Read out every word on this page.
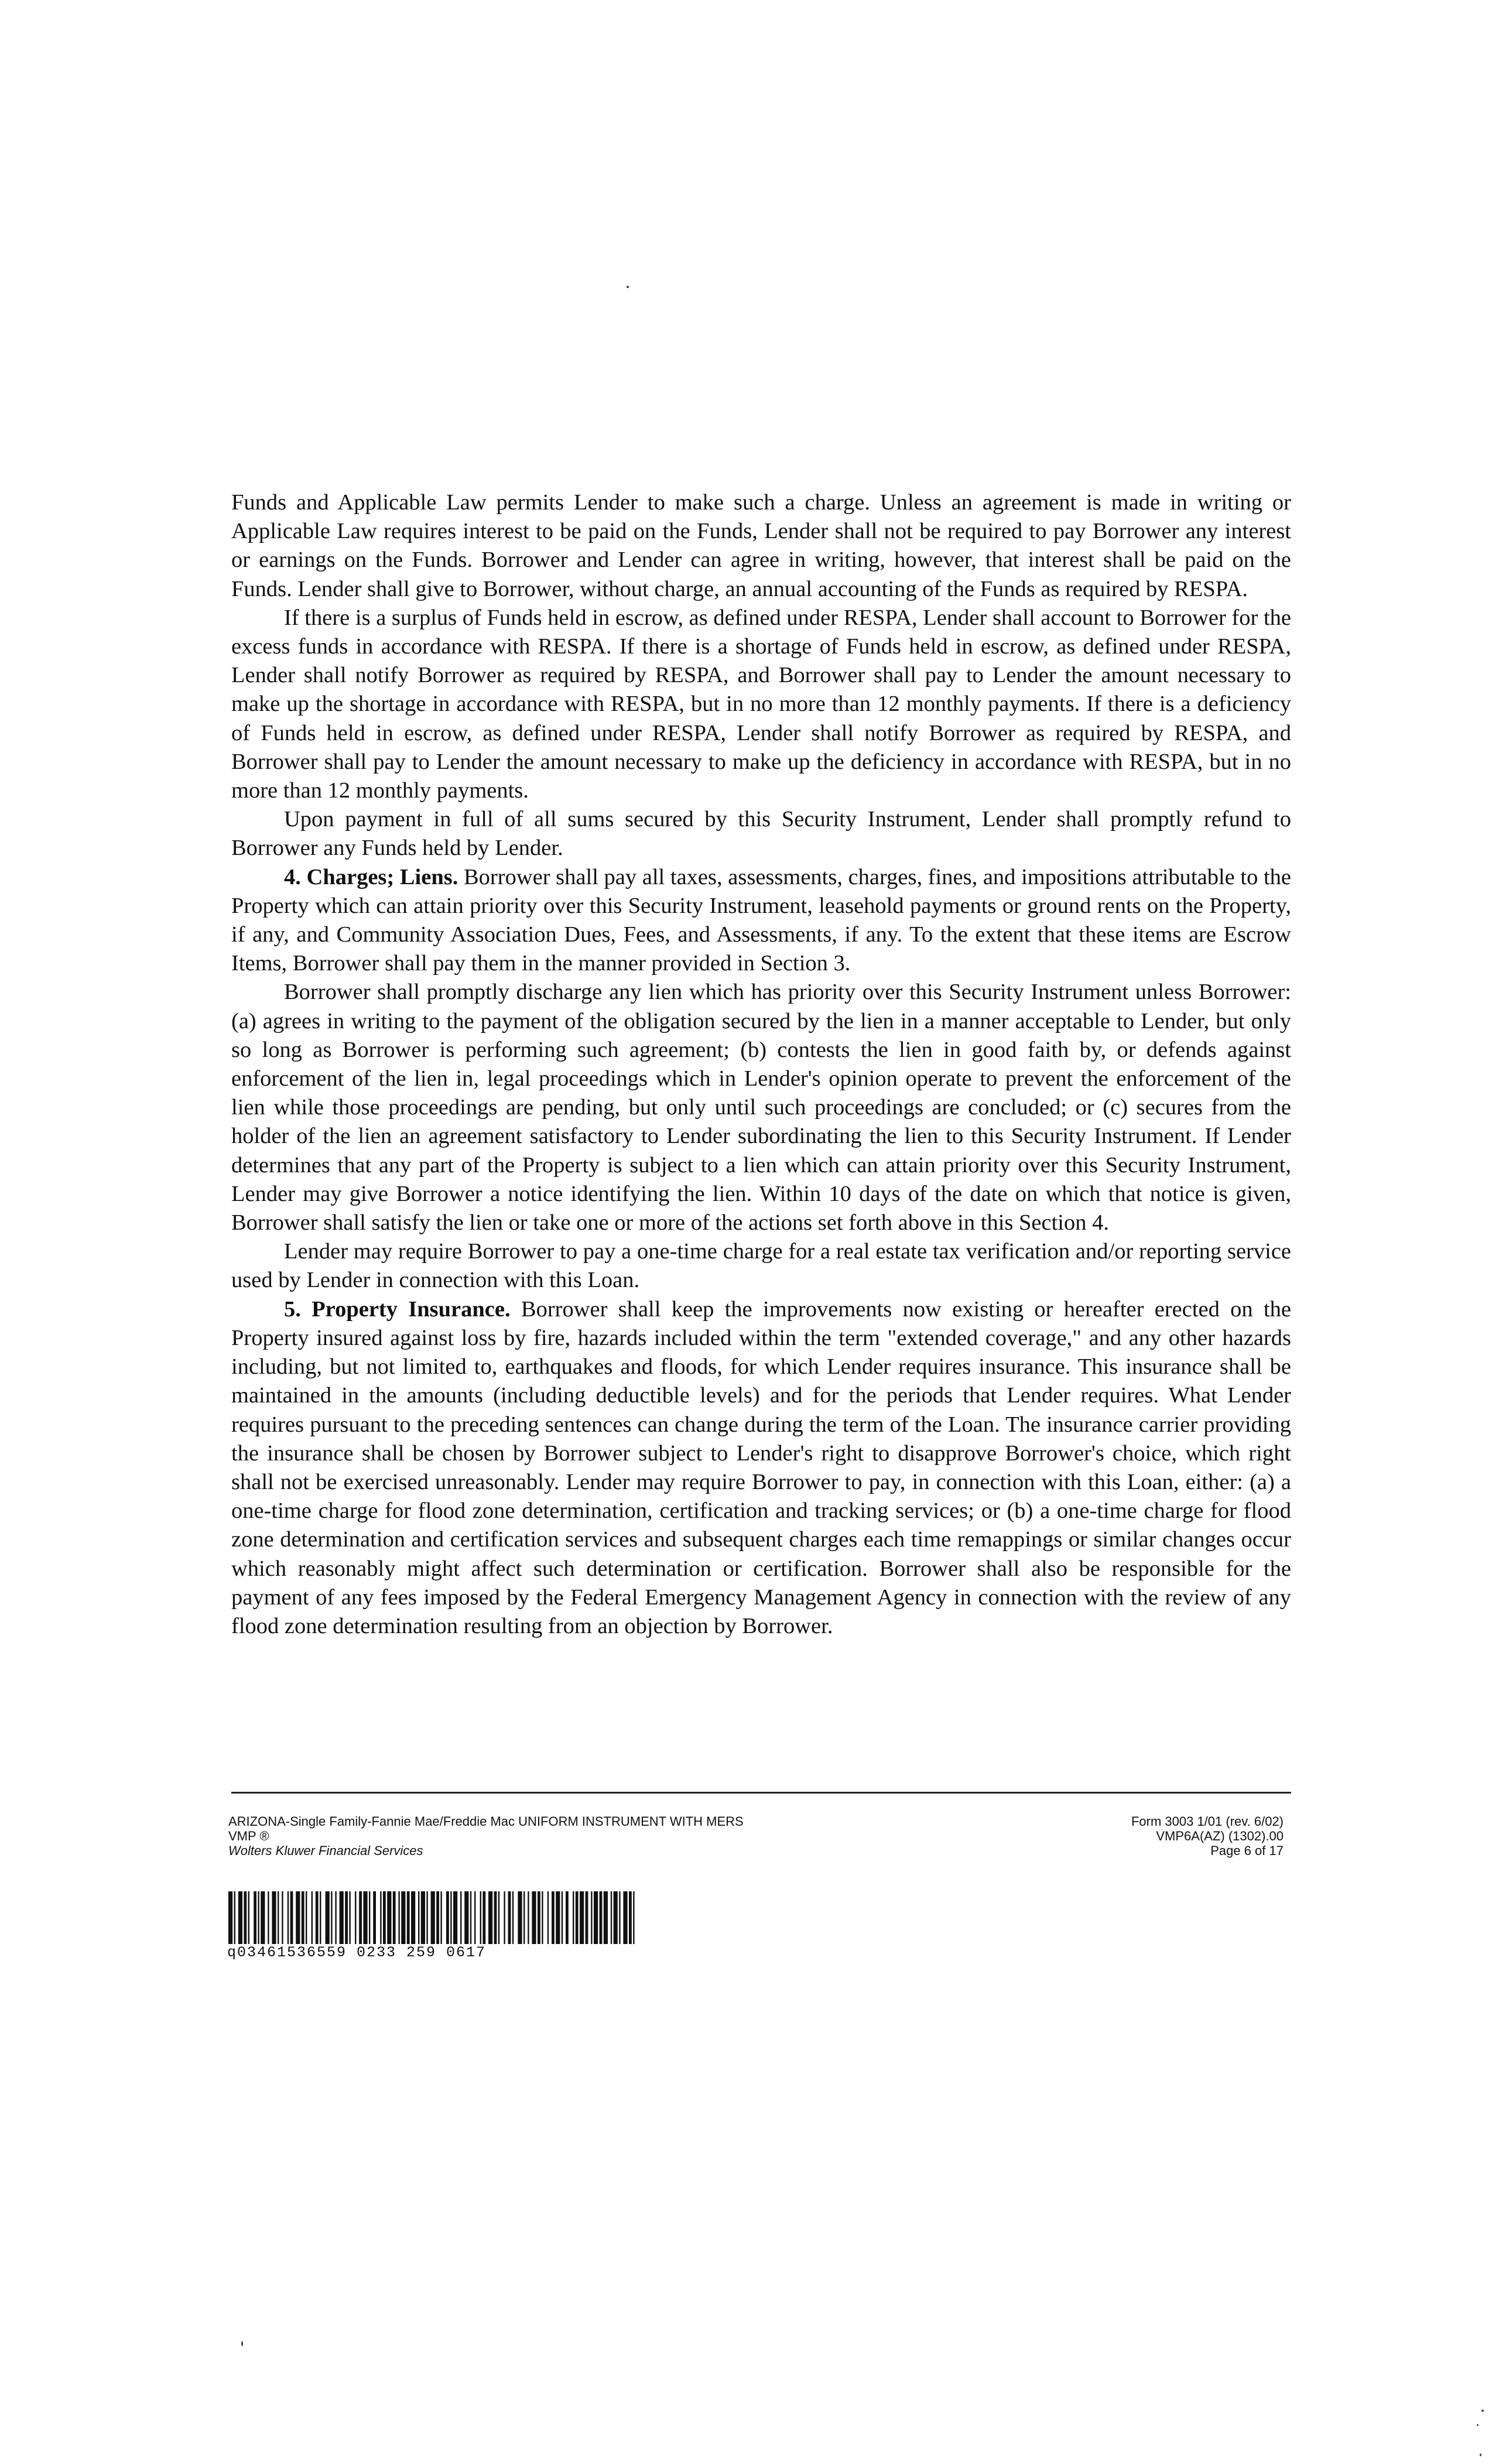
Funds and Applicable Law permits Lender to make such a charge. Unless an agreement is made in writing or Applicable Law requires interest to be paid on the Funds, Lender shall not be required to pay Borrower any interest or earnings on the Funds. Borrower and Lender can agree in writing, however, that interest shall be paid on the Funds. Lender shall give to Borrower, without charge, an annual accounting of the Funds as required by RESPA.

If there is a surplus of Funds held in escrow, as defined under RESPA, Lender shall account to Borrower for the excess funds in accordance with RESPA. If there is a shortage of Funds held in escrow, as defined under RESPA, Lender shall notify Borrower as required by RESPA, and Borrower shall pay to Lender the amount necessary to make up the shortage in accordance with RESPA, but in no more than 12 monthly payments. If there is a deficiency of Funds held in escrow, as defined under RESPA, Lender shall notify Borrower as required by RESPA, and Borrower shall pay to Lender the amount necessary to make up the deficiency in accordance with RESPA, but in no more than 12 monthly payments.

Upon payment in full of all sums secured by this Security Instrument, Lender shall promptly refund to Borrower any Funds held by Lender.

4. Charges; Liens. Borrower shall pay all taxes, assessments, charges, fines, and impositions attributable to the Property which can attain priority over this Security Instrument, leasehold payments or ground rents on the Property, if any, and Community Association Dues, Fees, and Assessments, if any. To the extent that these items are Escrow Items, Borrower shall pay them in the manner provided in Section 3.

Borrower shall promptly discharge any lien which has priority over this Security Instrument unless Borrower: (a) agrees in writing to the payment of the obligation secured by the lien in a manner acceptable to Lender, but only so long as Borrower is performing such agreement; (b) contests the lien in good faith by, or defends against enforcement of the lien in, legal proceedings which in Lender's opinion operate to prevent the enforcement of the lien while those proceedings are pending, but only until such proceedings are concluded; or (c) secures from the holder of the lien an agreement satisfactory to Lender subordinating the lien to this Security Instrument. If Lender determines that any part of the Property is subject to a lien which can attain priority over this Security Instrument, Lender may give Borrower a notice identifying the lien. Within 10 days of the date on which that notice is given, Borrower shall satisfy the lien or take one or more of the actions set forth above in this Section 4.

Lender may require Borrower to pay a one-time charge for a real estate tax verification and/or reporting service used by Lender in connection with this Loan.

5. Property Insurance. Borrower shall keep the improvements now existing or hereafter erected on the Property insured against loss by fire, hazards included within the term "extended coverage," and any other hazards including, but not limited to, earthquakes and floods, for which Lender requires insurance. This insurance shall be maintained in the amounts (including deductible levels) and for the periods that Lender requires. What Lender requires pursuant to the preceding sentences can change during the term of the Loan. The insurance carrier providing the insurance shall be chosen by Borrower subject to Lender's right to disapprove Borrower's choice, which right shall not be exercised unreasonably. Lender may require Borrower to pay, in connection with this Loan, either: (a) a one-time charge for flood zone determination, certification and tracking services; or (b) a one-time charge for flood zone determination and certification services and subsequent charges each time remappings or similar changes occur which reasonably might affect such determination or certification. Borrower shall also be responsible for the payment of any fees imposed by the Federal Emergency Management Agency in connection with the review of any flood zone determination resulting from an objection by Borrower.

ARIZONA-Single Family-Fannie Mae/Freddie Mac UNIFORM INSTRUMENT WITH MERS
VMP ®
Wolters Kluwer Financial Services
Form 3003 1/01 (rev. 6/02)
VMP6A(AZ) (1302).00
Page 6 of 17
q03461536559 0233 259 0617
